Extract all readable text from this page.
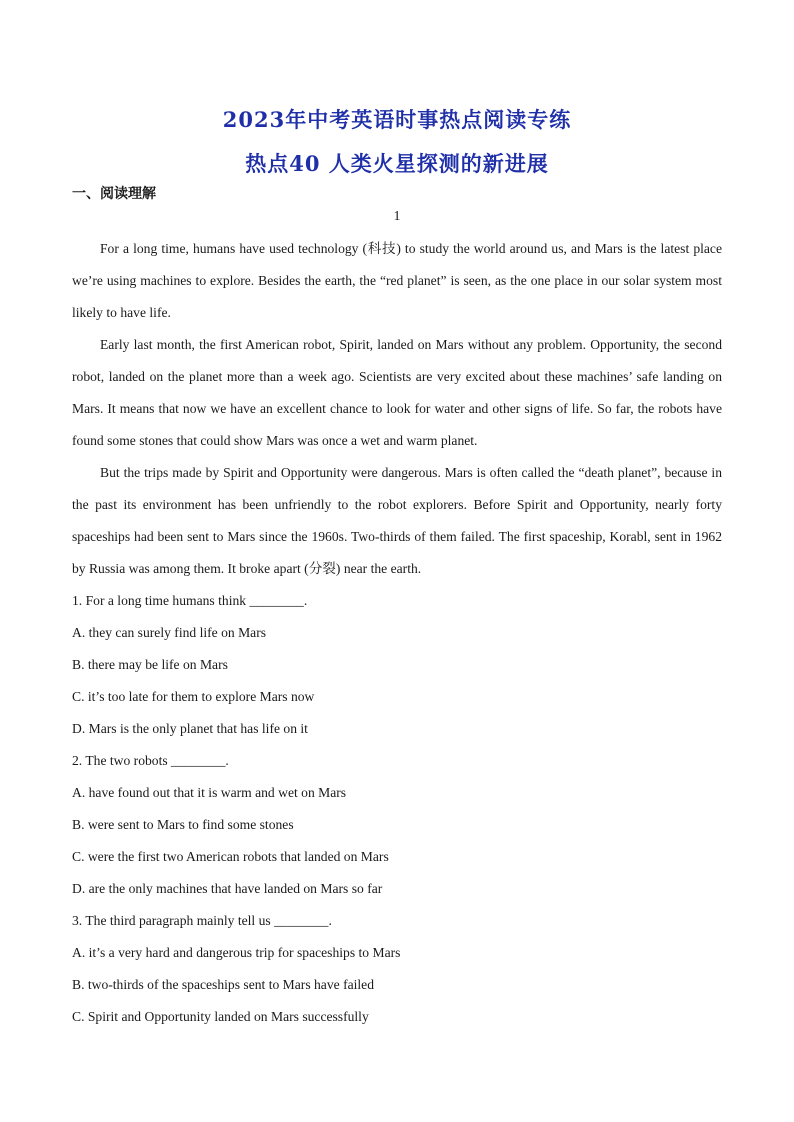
2023年中考英语时事热点阅读专练
热点40 人类火星探测的新进展
一、阅读理解
1

For a long time, humans have used technology (科技) to study the world around us, and Mars is the latest place we’re using machines to explore. Besides the earth, the “red planet” is seen, as the one place in our solar system most likely to have life.

Early last month, the first American robot, Spirit, landed on Mars without any problem. Opportunity, the second robot, landed on the planet more than a week ago. Scientists are very excited about these machines’ safe landing on Mars. It means that now we have an excellent chance to look for water and other signs of life. So far, the robots have found some stones that could show Mars was once a wet and warm planet.

But the trips made by Spirit and Opportunity were dangerous. Mars is often called the “death planet”, because in the past its environment has been unfriendly to the robot explorers. Before Spirit and Opportunity, nearly forty spaceships had been sent to Mars since the 1960s. Two-thirds of them failed. The first spaceship, Korabl, sent in 1962 by Russia was among them. It broke apart (分裂) near the earth.

1. For a long time humans think ________.

A. they can surely find life on Mars

B. there may be life on Mars

C. it’s too late for them to explore Mars now

D. Mars is the only planet that has life on it

2. The two robots ________.

A. have found out that it is warm and wet on Mars

B. were sent to Mars to find some stones

C. were the first two American robots that landed on Mars

D. are the only machines that have landed on Mars so far

3. The third paragraph mainly tell us ________.

A. it’s a very hard and dangerous trip for spaceships to Mars

B. two-thirds of the spaceships sent to Mars have failed

C. Spirit and Opportunity landed on Mars successfully
